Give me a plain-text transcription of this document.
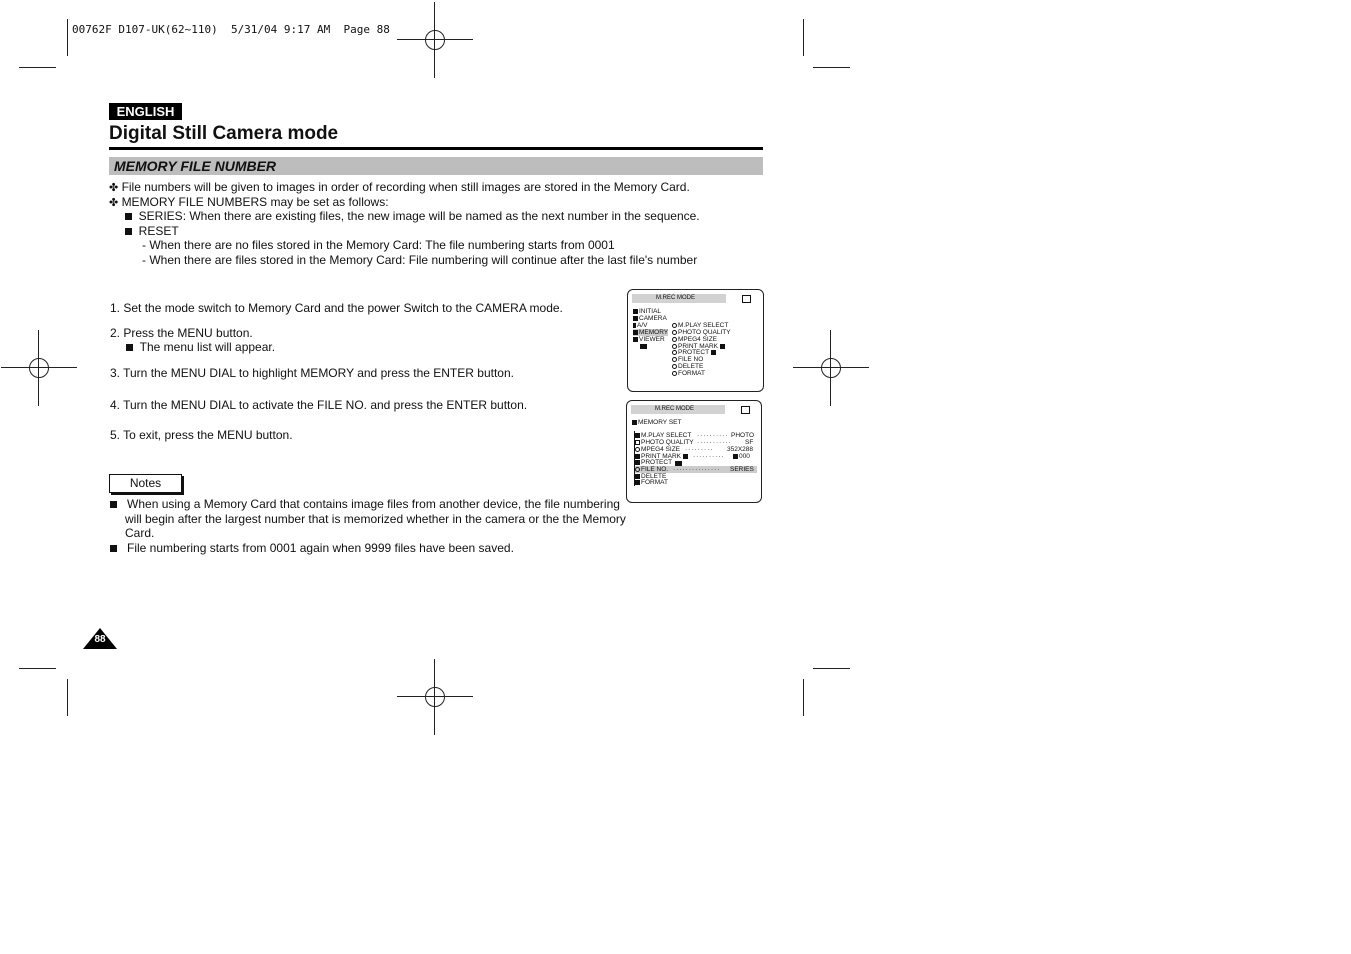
00762F D107-UK(62~110)  5/31/04 9:17 AM  Page 88
ENGLISH
Digital Still Camera mode
MEMORY FILE NUMBER
✤ File numbers will be given to images in order of recording when still images are stored in the Memory Card.
✤ MEMORY FILE NUMBERS may be set as follows:
SERIES: When there are existing files, the new image will be named as the next number in the sequence.
RESET
- When there are no files stored in the Memory Card: The file numbering starts from 0001
- When there are files stored in the Memory Card: File numbering will continue after the last file's number
1. Set the mode switch to Memory Card and the power Switch to the CAMERA mode.
2. Press the MENU button.
The menu list will appear.
3. Turn the MENU DIAL to highlight MEMORY and press the ENTER button.
4. Turn the MENU DIAL to activate the FILE NO. and press the ENTER button.
5. To exit, press the MENU button.
Notes
When using a Memory Card that contains image files from another device, the file numbering
will begin after the largest number that is memorized whether in the camera or the the Memory
Card.
File numbering starts from 0001 again when 9999 files have been saved.
M.REC MODE
INITIAL
CAMERA
A/V
MEMORY
VIEWER
M.PLAY SELECT
PHOTO QUALITY
MPEG4 SIZE
PRINT MARK
PROTECT
FILE NO
DELETE
FORMAT
M.REC MODE
MEMORY SET
M.PLAY SELECT ·········· PHOTO
PHOTO QUALITY ··········· SF
MPEG4 SIZE ········· 352X288
PRINT MARK	··········	000
PROTECT
FILE NO. ··············· SERIES
DELETE
FORMAT
88
